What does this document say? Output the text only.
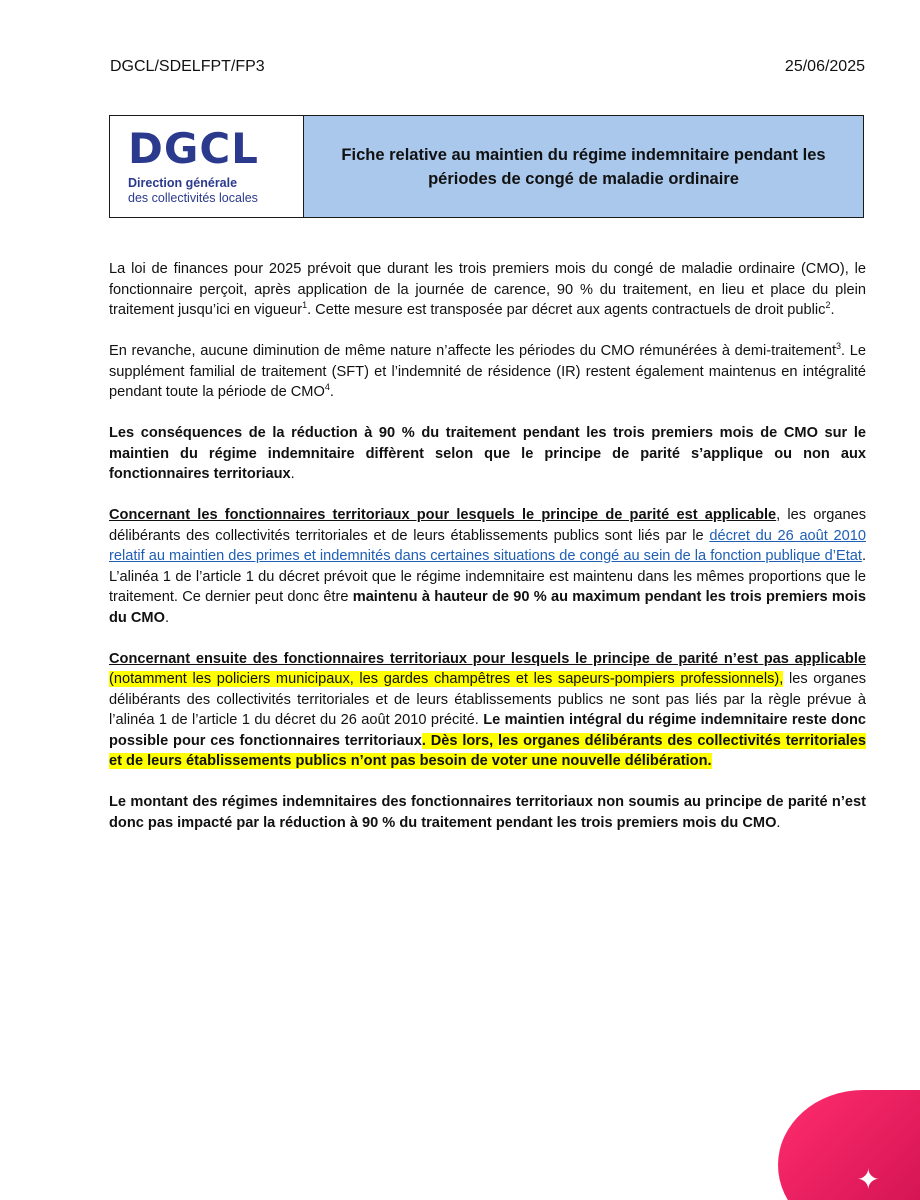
DGCL/SDELFPT/FP3	25/06/2025
DGCL
Direction générale
des collectivités locales
Fiche relative au maintien du régime indemnitaire pendant les périodes de congé de maladie ordinaire

La loi de finances pour 2025 prévoit que durant les trois premiers mois du congé de maladie ordinaire (CMO), le fonctionnaire perçoit, après application de la journée de carence, 90 % du traitement, en lieu et place du plein traitement jusqu’ici en vigueur$^1$. Cette mesure est transposée par décret aux agents contractuels de droit public$^2$.

En revanche, aucune diminution de même nature n’affecte les périodes du CMO rémunérées à demi-traitement$^3$. Le supplément familial de traitement (SFT) et l’indemnité de résidence (IR) restent également maintenus en intégralité pendant toute la période de CMO$^4$.

Les conséquences de la réduction à 90 % du traitement pendant les trois premiers mois de CMO sur le maintien du régime indemnitaire diffèrent selon que le principe de parité s’applique ou non aux fonctionnaires territoriaux.

Concernant les fonctionnaires territoriaux pour lesquels le principe de parité est applicable, les organes délibérants des collectivités territoriales et de leurs établissements publics sont liés par le décret du 26 août 2010 relatif au maintien des primes et indemnités dans certaines situations de congé au sein de la fonction publique d’Etat. L’alinéa 1 de l’article 1 du décret prévoit que le régime indemnitaire est maintenu dans les mêmes proportions que le traitement. Ce dernier peut donc être maintenu à hauteur de 90 % au maximum pendant les trois premiers mois du CMO.

Concernant ensuite des fonctionnaires territoriaux pour lesquels le principe de parité n’est pas applicable (notamment les policiers municipaux, les gardes champêtres et les sapeurs-pompiers professionnels), les organes délibérants des collectivités territoriales et de leurs établissements publics ne sont pas liés par la règle prévue à l’alinéa 1 de l’article 1 du décret du 26 août 2010 précité. Le maintien intégral du régime indemnitaire reste donc possible pour ces fonctionnaires territoriaux. Dès lors, les organes délibérants des collectivités territoriales et de leurs établissements publics n’ont pas besoin de voter une nouvelle délibération.

Le montant des régimes indemnitaires des fonctionnaires territoriaux non soumis au principe de parité n’est donc pas impacté par la réduction à 90 % du traitement pendant les trois premiers mois du CMO.

✦
